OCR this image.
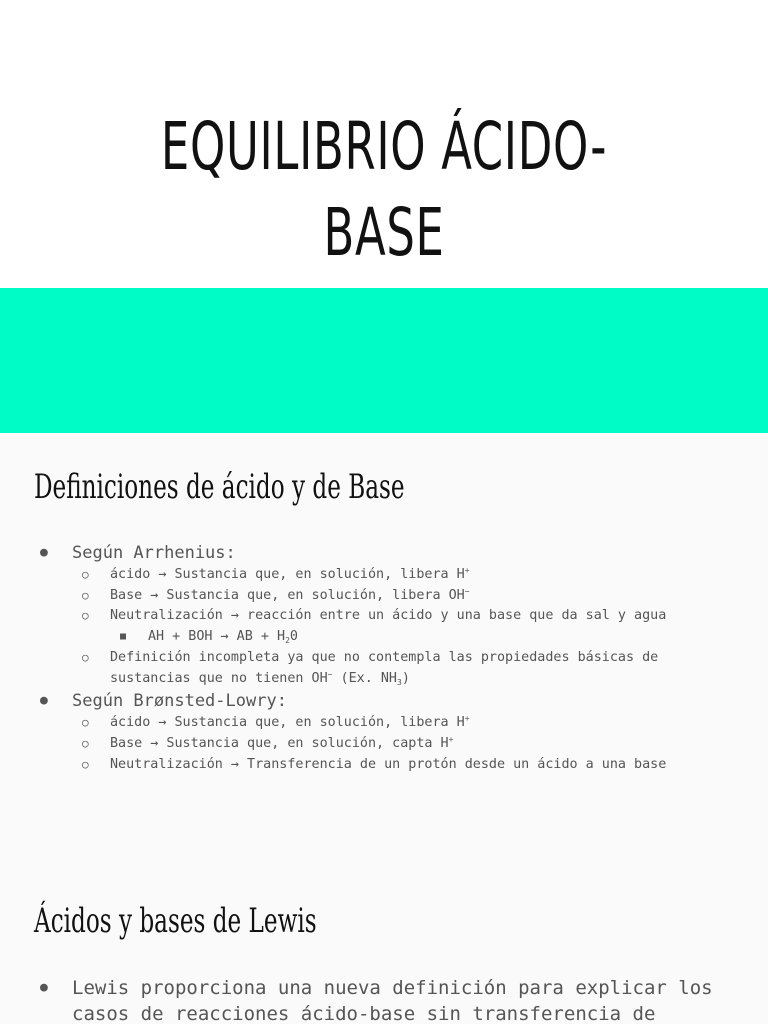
EQUILIBRIO ÁCIDO-BASE
Definiciones de ácido y de Base
● Según Arrhenius:
○ ácido → Sustancia que, en solución, libera H+
○ Base → Sustancia que, en solución, libera OH−
○ Neutralización → reacción entre un ácido y una base que da sal y agua
■ AH + BOH → AB + $H_20$
○ Definición incompleta ya que no contempla las propiedades básicas de sustancias que no tienen OH− (Ex. $NH_3$)
● Según Brønsted-Lowry:
○ ácido → Sustancia que, en solución, libera H+
○ Base → Sustancia que, en solución, capta H+
○ Neutralización → Transferencia de un protón desde un ácido a una base
Ácidos y bases de Lewis
● Lewis proporciona una nueva definición para explicar los casos de reacciones ácido-base sin transferencia de
